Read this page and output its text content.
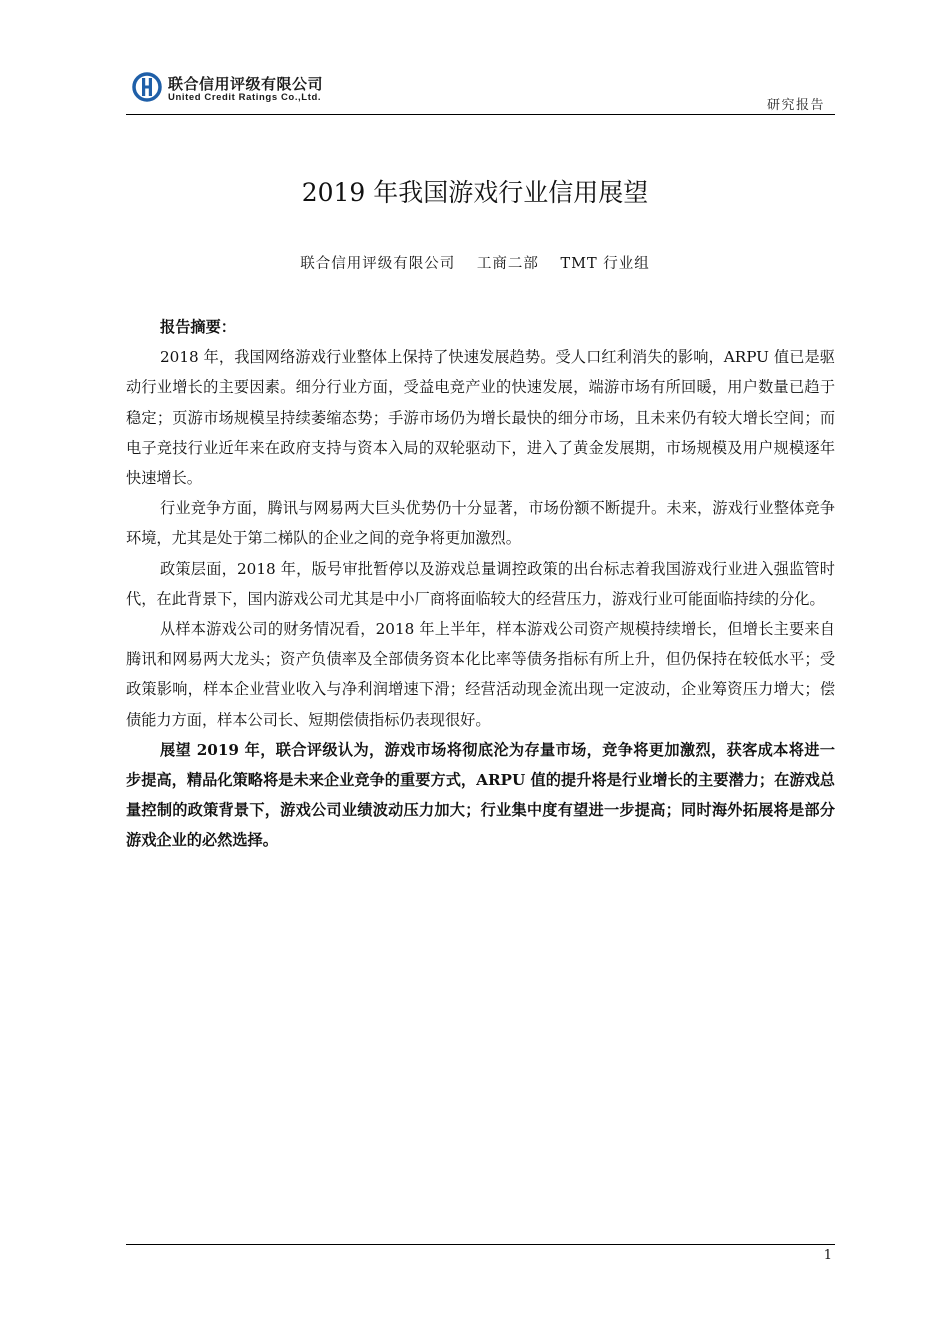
联合信用评级有限公司
United Credit Ratings Co.,Ltd.
研究报告
2019 年我国游戏行业信用展望
联合信用评级有限公司 工商二部 TMT 行业组
报告摘要：

2018 年，我国网络游戏行业整体上保持了快速发展趋势。受人口红利消失的影响，ARPU 值已是驱动行业增长的主要因素。细分行业方面，受益电竞产业的快速发展，端游市场有所回暖，用户数量已趋于稳定；页游市场规模呈持续萎缩态势；手游市场仍为增长最快的细分市场，且未来仍有较大增长空间；而电子竞技行业近年来在政府支持与资本入局的双轮驱动下，进入了黄金发展期，市场规模及用户规模逐年快速增长。

行业竞争方面，腾讯与网易两大巨头优势仍十分显著，市场份额不断提升。未来，游戏行业整体竞争环境，尤其是处于第二梯队的企业之间的竞争将更加激烈。

政策层面，2018 年，版号审批暂停以及游戏总量调控政策的出台标志着我国游戏行业进入强监管时代，在此背景下，国内游戏公司尤其是中小厂商将面临较大的经营压力，游戏行业可能面临持续的分化。

从样本游戏公司的财务情况看，2018 年上半年，样本游戏公司资产规模持续增长，但增长主要来自腾讯和网易两大龙头；资产负债率及全部债务资本化比率等债务指标有所上升，但仍保持在较低水平；受政策影响，样本企业营业收入与净利润增速下滑；经营活动现金流出现一定波动，企业筹资压力增大；偿债能力方面，样本公司长、短期偿债指标仍表现很好。

展望 2019 年，联合评级认为，游戏市场将彻底沦为存量市场，竞争将更加激烈，获客成本将进一步提高，精品化策略将是未来企业竞争的重要方式，ARPU 值的提升将是行业增长的主要潜力；在游戏总量控制的政策背景下，游戏公司业绩波动压力加大；行业集中度有望进一步提高；同时海外拓展将是部分游戏企业的必然选择。

1
